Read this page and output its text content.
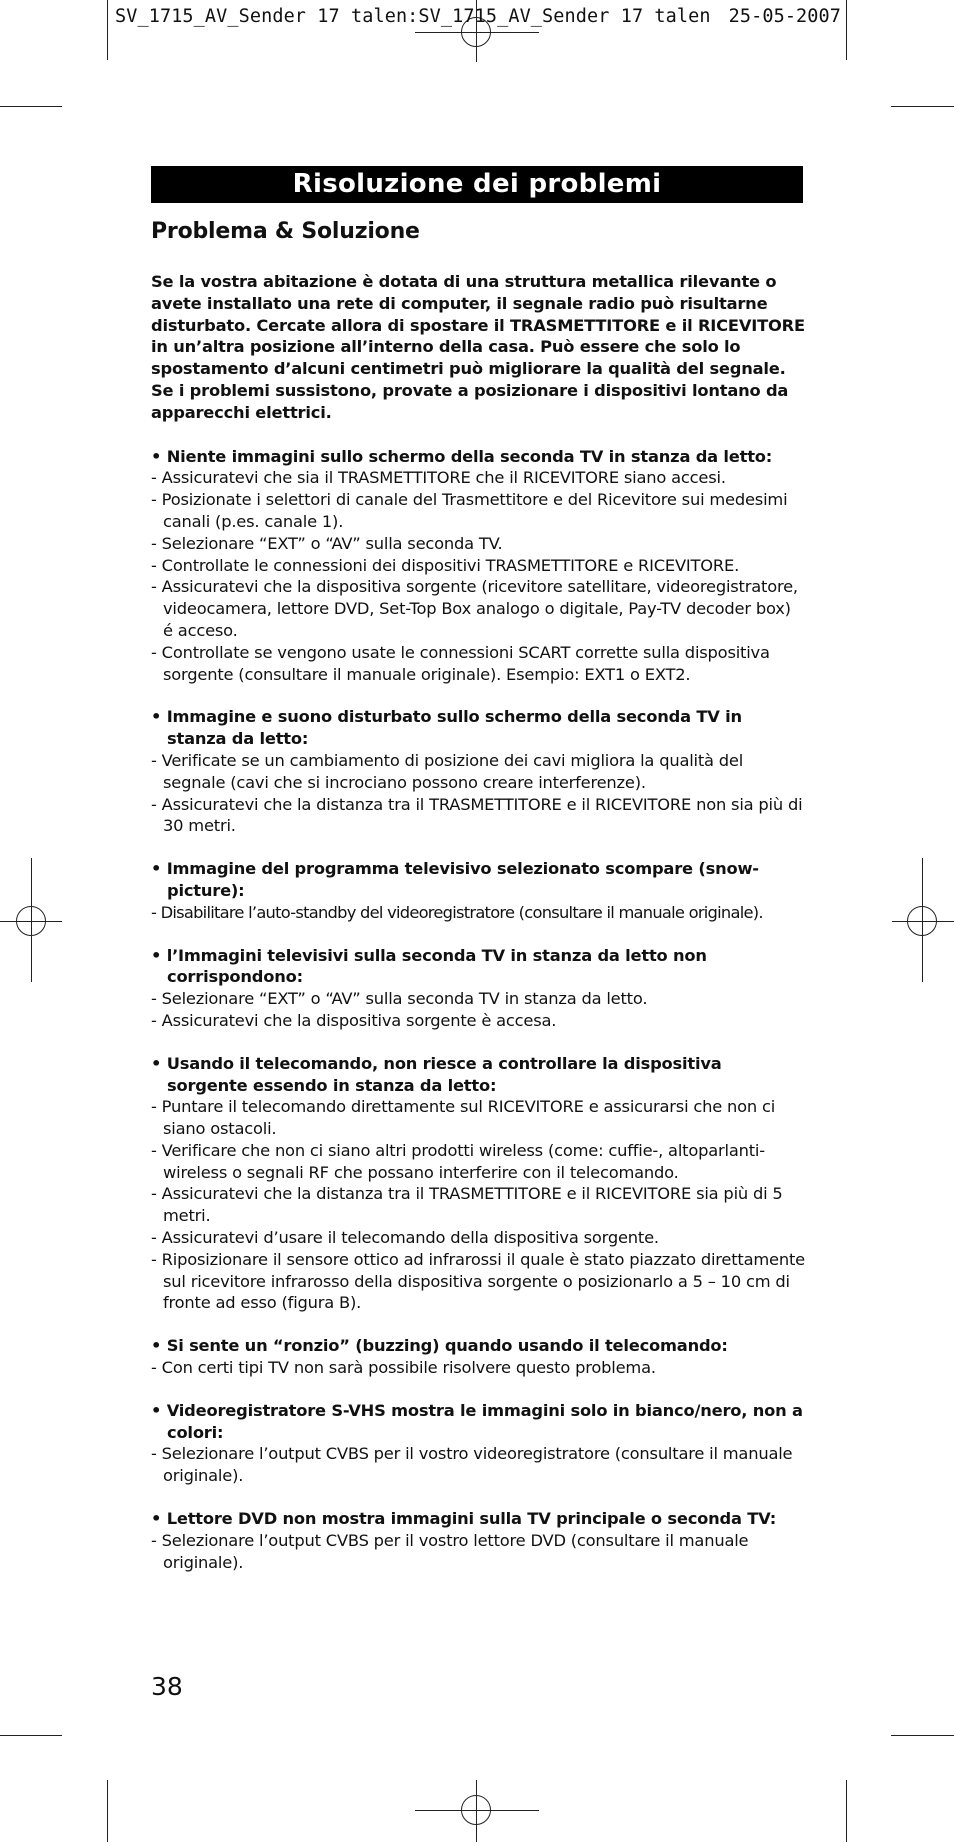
SV_1715_AV_Sender 17 talen:SV_1715_AV_Sender 17 talen 25-05-2007
Risoluzione dei problemi
Problema & Soluzione

Se la vostra abitazione è dotata di una struttura metallica rilevante o avete installato una rete di computer, il segnale radio può risultarne disturbato. Cercate allora di spostare il TRASMETTITORE e il RICEVITORE in un’altra posizione all’interno della casa. Può essere che solo lo spostamento d’alcuni centimetri può migliorare la qualità del segnale. Se i problemi sussistono, provate a posizionare i dispositivi lontano da apparecchi elettrici.

• Niente immagini sullo schermo della seconda TV in stanza da letto:

- Assicuratevi che sia il TRASMETTITORE che il RICEVITORE siano accesi.

- Posizionate i selettori di canale del Trasmettitore e del Ricevitore sui medesimi canali (p.es. canale 1).

- Selezionare “EXT” o “AV” sulla seconda TV.

- Controllate le connessioni dei dispositivi TRASMETTITORE e RICEVITORE.

- Assicuratevi che la dispositiva sorgente (ricevitore satellitare, videoregistratore, videocamera, lettore DVD, Set-Top Box analogo o digitale, Pay-TV decoder box) é acceso.

- Controllate se vengono usate le connessioni SCART corrette sulla dispositiva sorgente (consultare il manuale originale). Esempio: EXT1 o EXT2.

• Immagine e suono disturbato sullo schermo della seconda TV in stanza da letto:

- Verificate se un cambiamento di posizione dei cavi migliora la qualità del segnale (cavi che si incrociano possono creare interferenze).

- Assicuratevi che la distanza tra il TRASMETTITORE e il RICEVITORE non sia più di 30 metri.

• Immagine del programma televisivo selezionato scompare (snow-picture):

- Disabilitare l’auto-standby del videoregistratore (consultare il manuale originale).

• l’Immagini televisivi sulla seconda TV in stanza da letto non corrispondono:

- Selezionare “EXT” o “AV” sulla seconda TV in stanza da letto.

- Assicuratevi che la dispositiva sorgente è accesa.

• Usando il telecomando, non riesce a controllare la dispositiva sorgente essendo in stanza da letto:

- Puntare il telecomando direttamente sul RICEVITORE e assicurarsi che non ci siano ostacoli.

- Verificare che non ci siano altri prodotti wireless (come: cuffie-, altoparlanti- wireless o segnali RF che possano interferire con il telecomando.

- Assicuratevi che la distanza tra il TRASMETTITORE e il RICEVITORE sia più di 5 metri.

- Assicuratevi d’usare il telecomando della dispositiva sorgente.

- Riposizionare il sensore ottico ad infrarossi il quale è stato piazzato direttamente sul ricevitore infrarosso della dispositiva sorgente o posizionarlo a 5 – 10 cm di fronte ad esso (figura B).

• Si sente un “ronzio” (buzzing) quando usando il telecomando:

- Con certi tipi TV non sarà possibile risolvere questo problema.

• Videoregistratore S-VHS mostra le immagini solo in bianco/nero, non a colori:

- Selezionare l’output CVBS per il vostro videoregistratore (consultare il manuale originale).

• Lettore DVD non mostra immagini sulla TV principale o seconda TV:

- Selezionare l’output CVBS per il vostro lettore DVD (consultare il manuale originale).

38
